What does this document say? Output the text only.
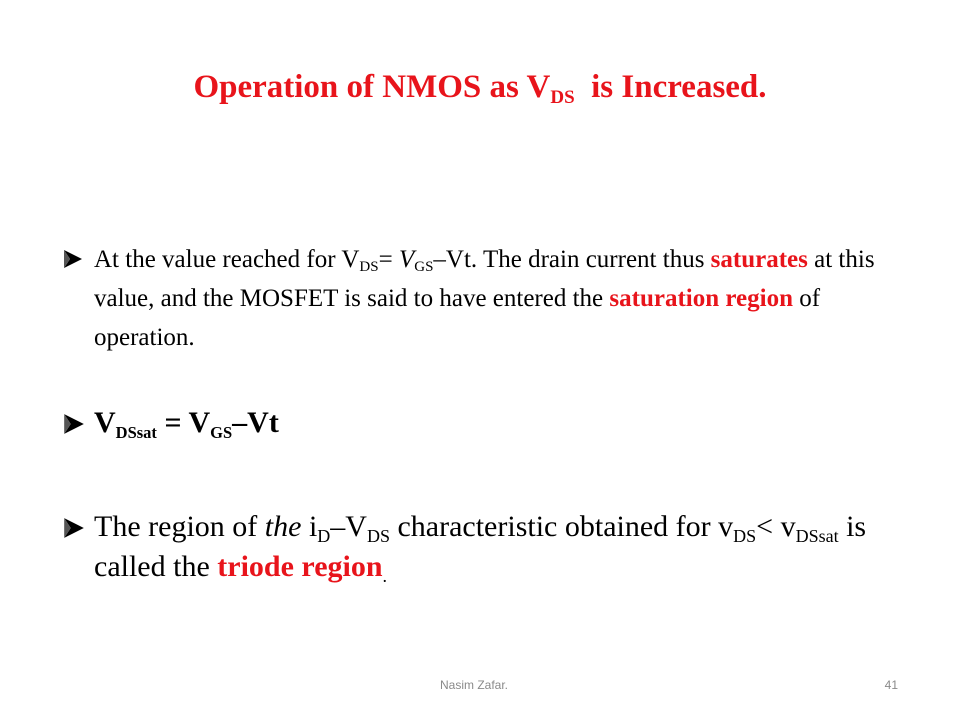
Operation of NMOS as $V_{DS}$  is Increased.
At the value reached for $V_{DS}= V_{GS}-Vt$. The drain current thus saturates at this value, and the MOSFET is said to have entered the saturation region of operation.
$V_{DSsat} = V_{GS}-Vt$
The region of the $i_D-V_{DS}$ characteristic obtained for $v_{DS}< v_{DSsat}$ is called the triode region$_.$
Nasim Zafar.	41
